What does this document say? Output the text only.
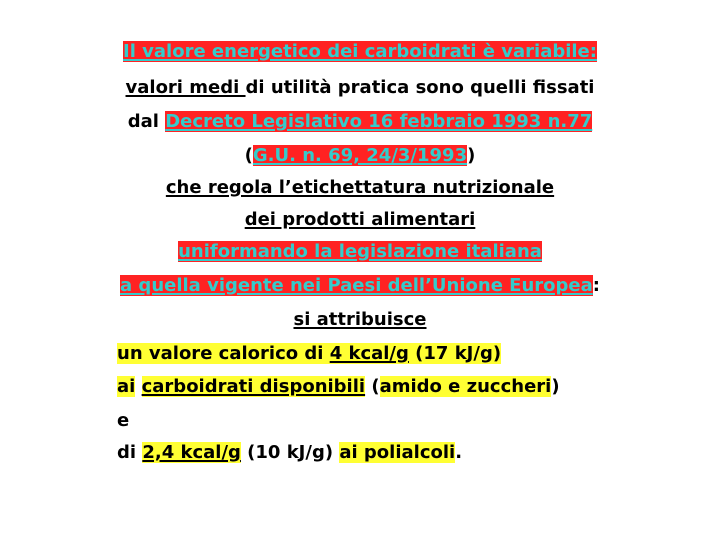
Il valore energetico dei carboidrati è variabile:
valori medi di utilità pratica sono quelli fissati
dal Decreto Legislativo 16 febbraio 1993 n.77
(G.U. n. 69, 24/3/1993)
che regola l’etichettatura nutrizionale
dei prodotti alimentari
uniformando la legislazione italiana
a quella vigente nei Paesi dell’Unione Europea:
si attribuisce
un valore calorico di 4 kcal/g (17 kJ/g)
ai carboidrati disponibili (amido e zuccheri)
e
di 2,4 kcal/g (10 kJ/g) ai polialcoli.
